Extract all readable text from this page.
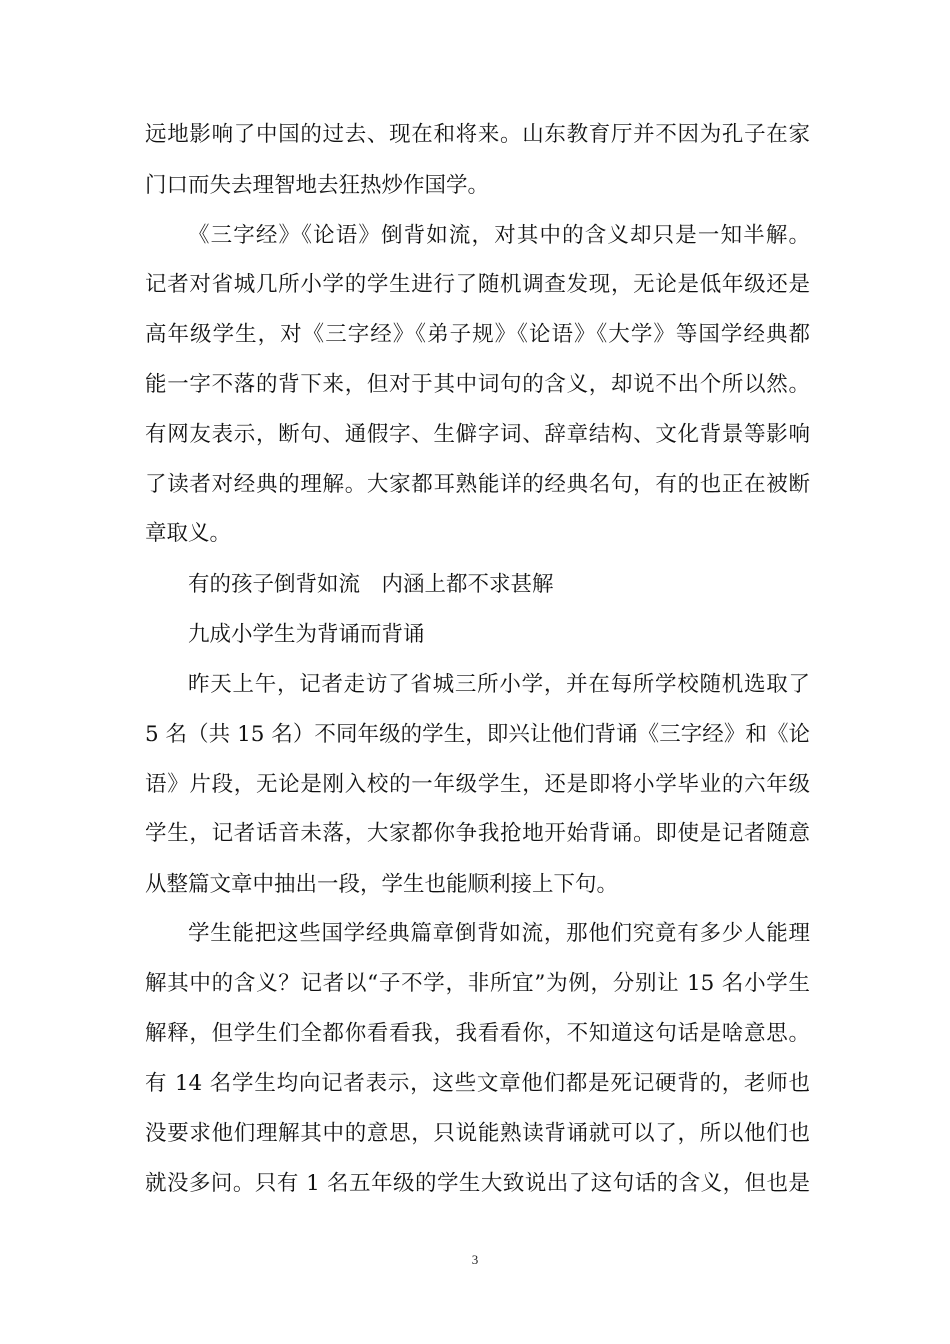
远地影响了中国的过去、现在和将来。山东教育厅并不因为孔子在家
门口而失去理智地去狂热炒作国学。
《三字经》《论语》倒背如流，对其中的含义却只是一知半解。
记者对省城几所小学的学生进行了随机调查发现，无论是低年级还是
高年级学生，对《三字经》《弟子规》《论语》《大学》等国学经典都
能一字不落的背下来，但对于其中词句的含义，却说不出个所以然。
有网友表示，断句、通假字、生僻字词、辞章结构、文化背景等影响
了读者对经典的理解。大家都耳熟能详的经典名句，有的也正在被断
章取义。
有的孩子倒背如流　内涵上都不求甚解
九成小学生为背诵而背诵
昨天上午，记者走访了省城三所小学，并在每所学校随机选取了
5 名（共 15 名）不同年级的学生，即兴让他们背诵《三字经》和《论
语》片段，无论是刚入校的一年级学生，还是即将小学毕业的六年级
学生，记者话音未落，大家都你争我抢地开始背诵。即使是记者随意
从整篇文章中抽出一段，学生也能顺利接上下句。
学生能把这些国学经典篇章倒背如流，那他们究竟有多少人能理
解其中的含义？记者以“子不学，非所宜”为例，分别让 15 名小学生
解释，但学生们全都你看看我，我看看你，不知道这句话是啥意思。
有 14 名学生均向记者表示，这些文章他们都是死记硬背的，老师也
没要求他们理解其中的意思，只说能熟读背诵就可以了，所以他们也
就没多问。只有 1 名五年级的学生大致说出了这句话的含义，但也是
3
